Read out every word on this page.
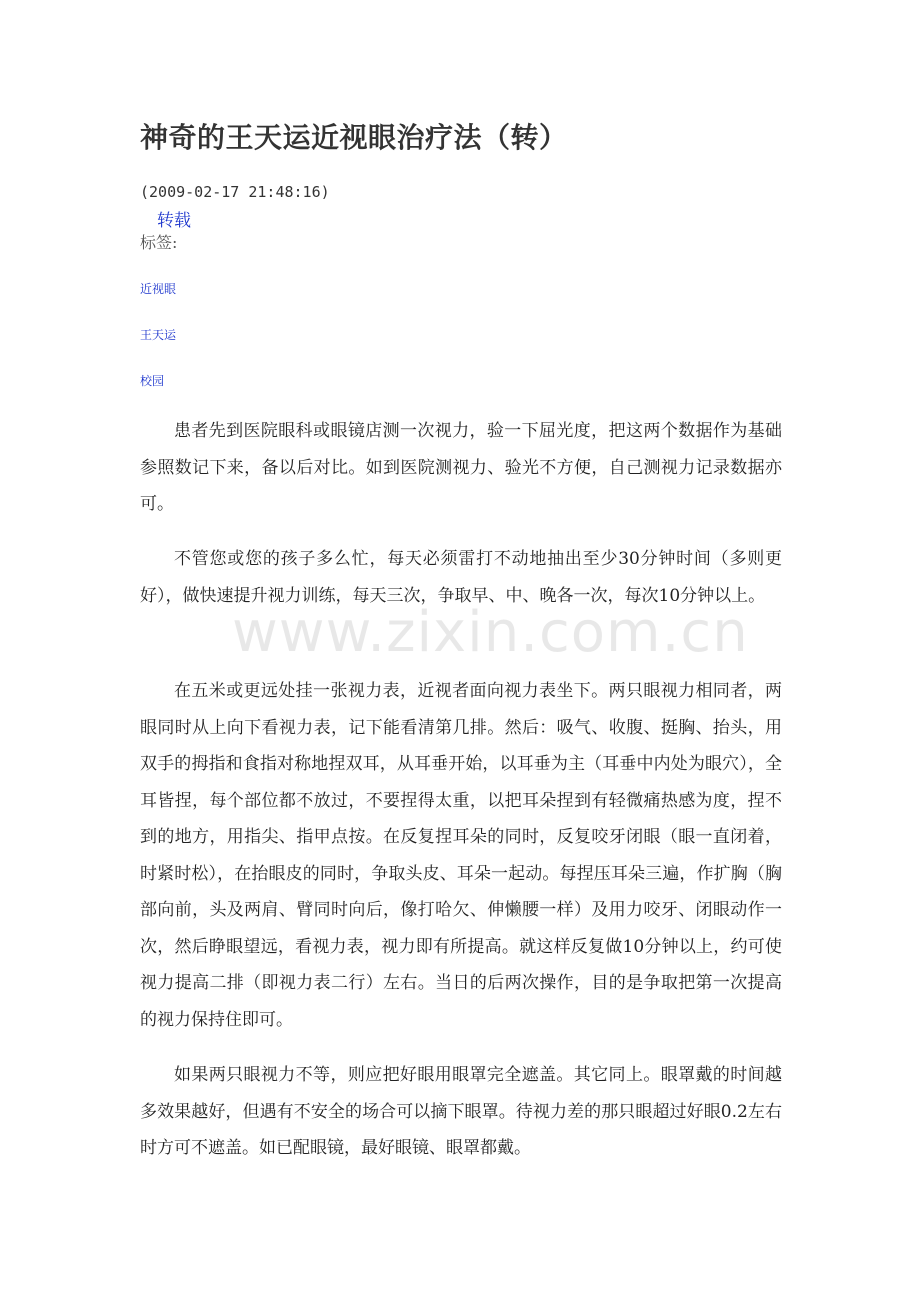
神奇的王天运近视眼治疗法（转）
(2009-02-17 21:48:16)
转载
标签:
近视眼
王天运
校园

患者先到医院眼科或眼镜店测一次视力，验一下屈光度，把这两个数据作为基础参照数记下来，备以后对比。如到医院测视力、验光不方便，自己测视力记录数据亦可。

不管您或您的孩子多么忙，每天必须雷打不动地抽出至少30分钟时间（多则更好），做快速提升视力训练，每天三次，争取早、中、晚各一次，每次10分钟以上。

在五米或更远处挂一张视力表，近视者面向视力表坐下。两只眼视力相同者，两眼同时从上向下看视力表，记下能看清第几排。然后：吸气、收腹、挺胸、抬头，用双手的拇指和食指对称地捏双耳，从耳垂开始，以耳垂为主（耳垂中内处为眼穴），全耳皆捏，每个部位都不放过，不要捏得太重，以把耳朵捏到有轻微痛热感为度，捏不到的地方，用指尖、指甲点按。在反复捏耳朵的同时，反复咬牙闭眼（眼一直闭着，时紧时松），在抬眼皮的同时，争取头皮、耳朵一起动。每捏压耳朵三遍，作扩胸（胸部向前，头及两肩、臂同时向后，像打哈欠、伸懒腰一样）及用力咬牙、闭眼动作一次，然后睁眼望远，看视力表，视力即有所提高。就这样反复做10分钟以上，约可使视力提高二排（即视力表二行）左右。当日的后两次操作，目的是争取把第一次提高的视力保持住即可。

如果两只眼视力不等，则应把好眼用眼罩完全遮盖。其它同上。眼罩戴的时间越多效果越好，但遇有不安全的场合可以摘下眼罩。待视力差的那只眼超过好眼0.2左右时方可不遮盖。如已配眼镜，最好眼镜、眼罩都戴。

www.zixin.com.cn
